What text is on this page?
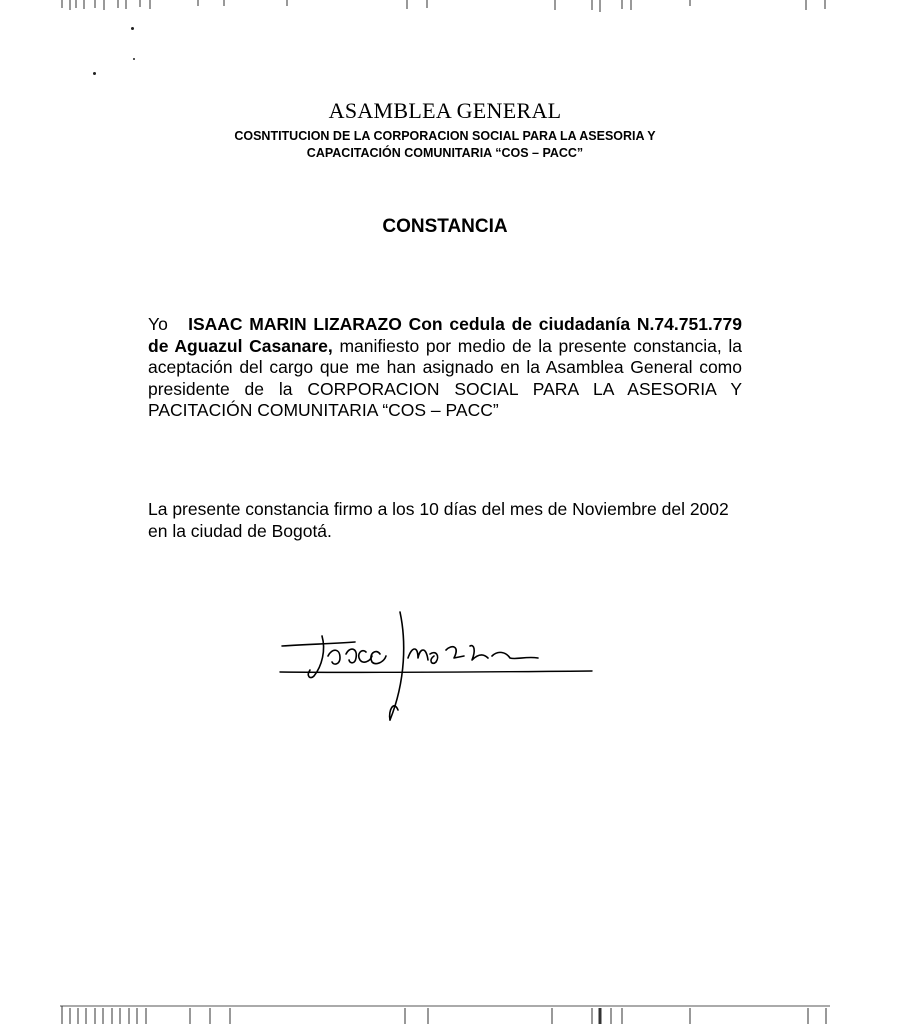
ASAMBLEA GENERAL
COSNTITUCION DE LA CORPORACION SOCIAL PARA LA ASESORIA Y
CAPACITACIÓN COMUNITARIA “COS – PACC”
CONSTANCIA
Yo ISAAC MARIN LIZARAZO Con cedula de ciudadanía N.74.751.779 de Aguazul Casanare, manifiesto por medio de la presente constancia, la aceptación del cargo que me han asignado en la Asamblea General como presidente de la CORPORACION SOCIAL PARA LA ASESORIA Y PACITACIÓN COMUNITARIA “COS – PACC”
La presente constancia firmo a los 10 días del mes de Noviembre del 2002 en la ciudad de Bogotá.
